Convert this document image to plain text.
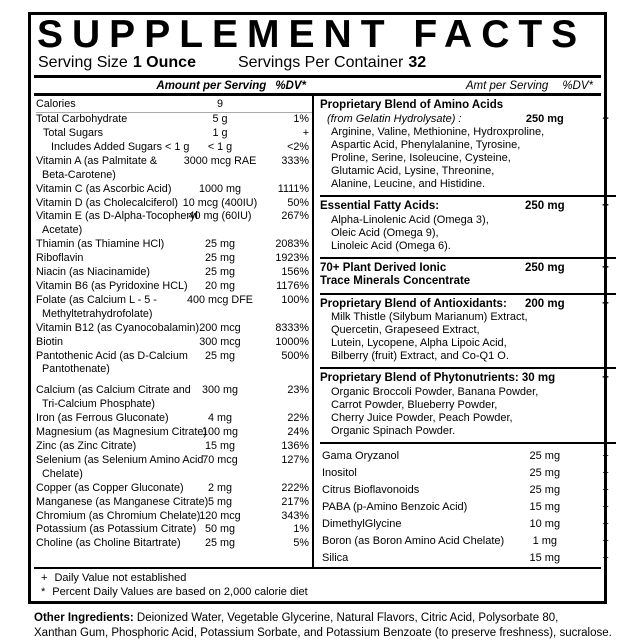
SUPPLEMENT FACTS
Serving Size 1 Ounce	Servings Per Container 32
Amount per Serving %DV*	Amt per Serving %DV*
Calories	9
Total Carbohydrate	5 g	1%
Total Sugars	1 g	+
Includes Added Sugars < 1 g	< 1 g	<2%
Vitamin A (as Palmitate &
Beta-Carotene)
3000 mcg RAE	333%
Vitamin C (as Ascorbic Acid)	1000 mg	1111%
Vitamin D (as Cholecalciferol) 10 mcg (400IU)	50%
Vitamin E (as D-Alpha-Tocopheryl
Acetate)
40 mg (60IU)	267%
Thiamin (as Thiamine HCl)	25 mg	2083%
Riboflavin	25 mg	1923%
Niacin (as Niacinamide)	25 mg	156%
Vitamin B6 (as Pyridoxine HCL)	20 mg	1176%
Folate (as Calcium L - 5 -
Methyltetrahydrofolate)
400 mcg DFE	100%
Vitamin B12 (as Cyanocobalamin) 200 mcg	8333%
Biotin	300 mcg	1000%
Pantothenic Acid (as D-Calcium
Pantothenate)
25 mg	500%
Calcium (as Calcium Citrate and
Tri-Calcium Phosphate)
300 mg	23%
Iron (as Ferrous Gluconate)	4 mg	22%
Magnesium (as Magnesium Citrate)
100 mg	24%
Zinc (as Zinc Citrate)	15 mg	136%
Selenium (as Selenium Amino Acid
Chelate)
70 mcg	127%
Copper (as Copper Gluconate)	2 mg	222%
Manganese (as Manganese Citrate) 5 mg	217%
Chromium (as Chromium Chelate)
120 mcg	343%
Potassium (as Potassium Citrate) 50 mg	1%
Choline (as Choline Bitartrate)	25 mg	5%
Proprietary Blend of Amino Acids
(from Gelatin Hydrolysate) :	250 mg	+
Arginine, Valine, Methionine, Hydroxproline,
Aspartic Acid, Phenylalanine, Tyrosine,
Proline, Serine, Isoleucine, Cysteine,
Glutamic Acid, Lysine, Threonine,
Alanine, Leucine, and Histidine.
Essential Fatty Acids:	250 mg	+
Alpha-Linolenic Acid (Omega 3),
Oleic Acid (Omega 9),
Linoleic Acid (Omega 6).
70+ Plant Derived Ionic
Trace Minerals Concentrate
250 mg	+
Proprietary Blend of Antioxidants:	200 mg	+
Milk Thistle (Silybum Marianum) Extract,
Quercetin, Grapeseed Extract,
Lutein, Lycopene, Alpha Lipoic Acid,
Bilberry (fruit) Extract, and Co-Q1 O.
Proprietary Blend of Phytonutrients: 30 mg	+
Organic Broccoli Powder, Banana Powder,
Carrot Powder, Blueberry Powder,
Cherry Juice Powder, Peach Powder,
Organic Spinach Powder.
Gama Oryzanol	25 mg	+
Inositol	25 mg	+
Citrus Bioflavonoids	25 mg	+
PABA (p-Amino Benzoic Acid)	15 mg	+
DimethylGlycine	10 mg	+
Boron (as Boron Amino Acid Chelate)	1 mg	+
Silica	15 mg	+
+ Daily Value not established
* Percent Daily Values are based on 2,000 calorie diet
Other Ingredients: Deionized Water, Vegetable Glycerine, Natural Flavors, Citric Acid, Polysorbate 80,
Xanthan Gum, Phosphoric Acid, Potassium Sorbate, and Potassium Benzoate (to preserve freshness), sucralose.
